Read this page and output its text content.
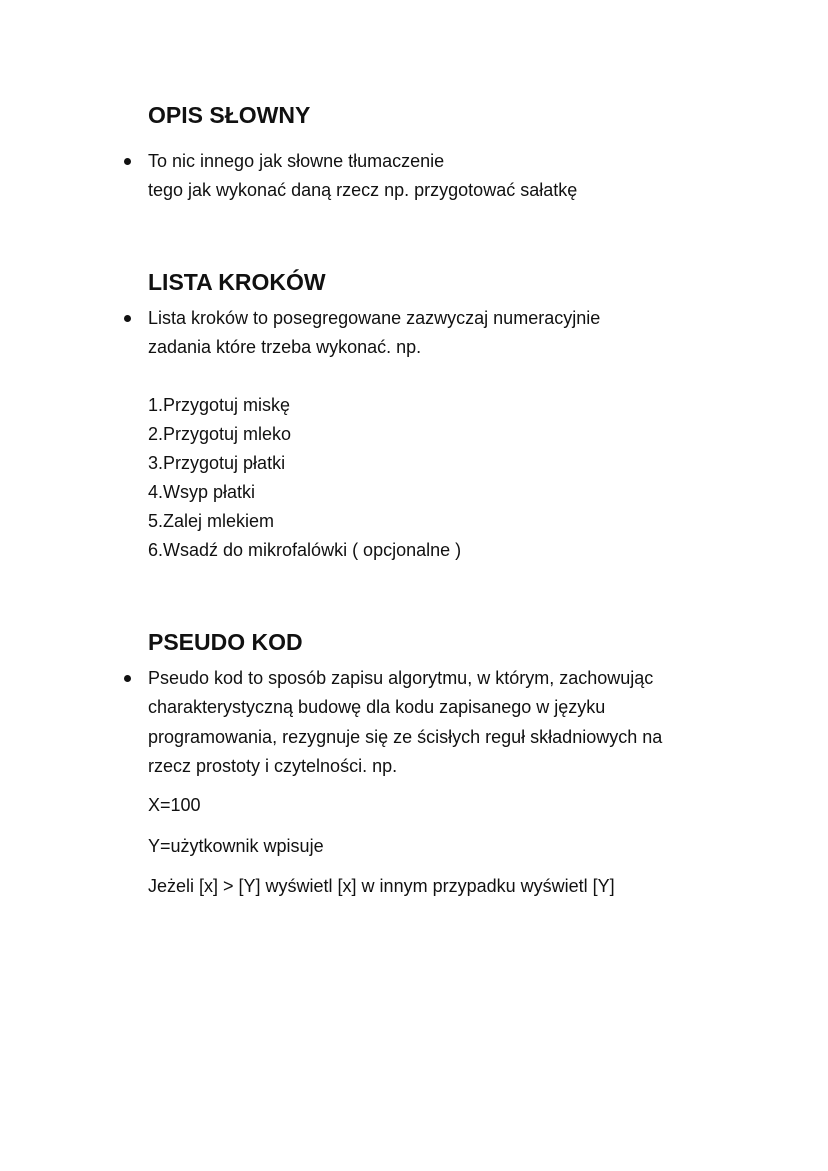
OPIS SŁOWNY
To nic innego jak słowne tłumaczenie
tego jak wykonać daną rzecz np. przygotować sałatkę
LISTA KROKÓW
Lista kroków to posegregowane zazwyczaj numeracyjnie
zadania które trzeba wykonać. np.
1.Przygotuj miskę
2.Przygotuj mleko
3.Przygotuj płatki
4.Wsyp płatki
5.Zalej mlekiem
6.Wsadź do mikrofalówki ( opcjonalne )
PSEUDO KOD
Pseudo kod to sposób zapisu algorytmu, w którym, zachowując
charakterystyczną budowę dla kodu zapisanego w języku
programowania, rezygnuje się ze ścisłych reguł składniowych na
rzecz prostoty i czytelności. np.
X=100
Y=użytkownik wpisuje
Jeżeli [x] > [Y] wyświetl [x] w innym przypadku wyświetl [Y]
